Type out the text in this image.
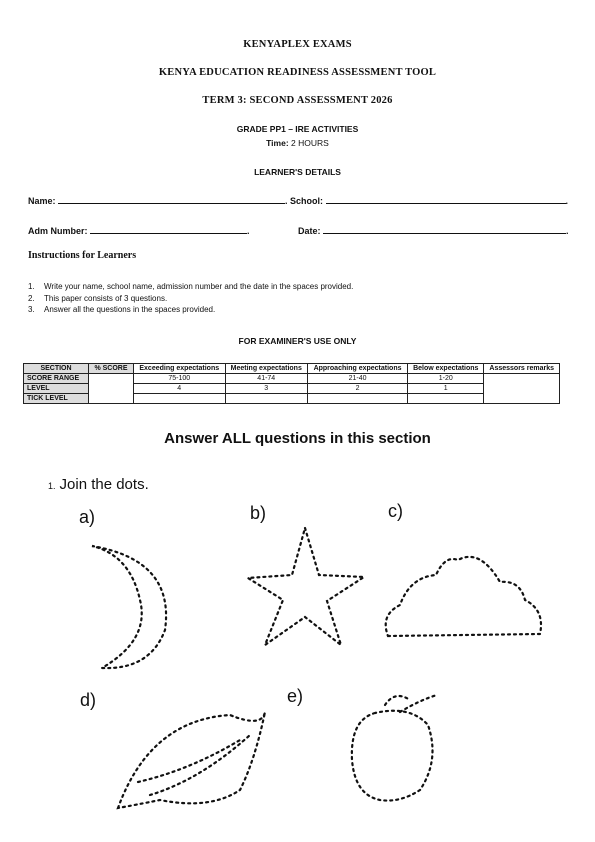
KENYAPLEX EXAMS
KENYA EDUCATION READINESS ASSESSMENT TOOL
TERM 3: SECOND ASSESSMENT 2026
GRADE PP1 – IRE ACTIVITIES
Time: 2 HOURS
LEARNER'S DETAILS
Name:	. School:	.
Adm Number:	.	Date:	.
Instructions for Learners
1. Write your name, school name, admission number and the date in the spaces provided.
2. This paper consists of 3 questions.
3. Answer all the questions in the spaces provided.
FOR EXAMINER'S USE ONLY
SECTION	% SCORE	Exceeding expectations	Meeting expectations	Approaching expectations	Below expectations	Assessors remarks
SCORE RANGE		75-100	41-74	21-40	1-20	
LEVEL		4	3	2	1	
TICK LEVEL						
Answer ALL questions in this section
1. Join the dots.
a)	b)	c)
d)	e)
